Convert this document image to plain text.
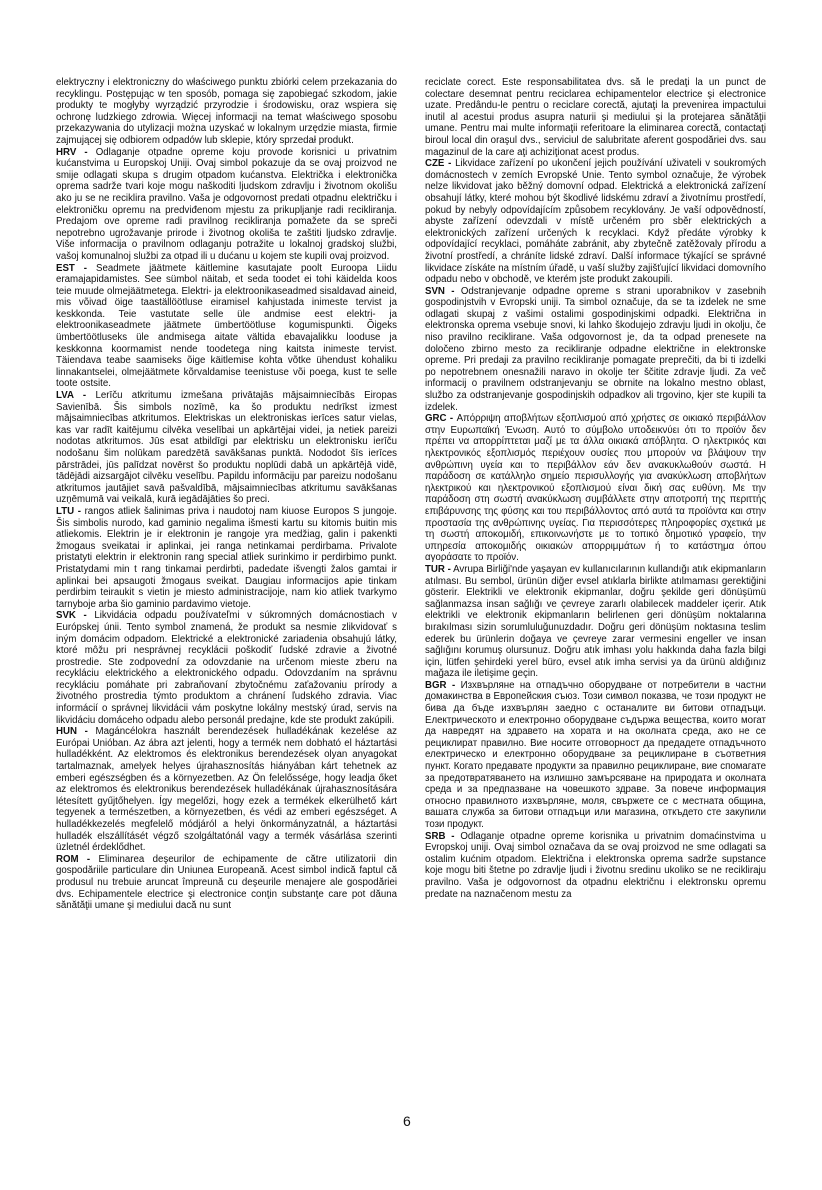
elektryczny i elektroniczny do właściwego punktu zbiórki celem przekazania do recyklingu. Postępując w ten sposób, pomaga się zapobiegać szkodom, jakie produkty te mogłyby wyrządzić przyrodzie i środowisku, oraz wspiera się ochronę ludzkiego zdrowia. Więcej informacji na temat właściwego sposobu przekazywania do utylizacji można uzyskać w lokalnym urzędzie miasta, firmie zajmującej się odbiorem odpadów lub sklepie, który sprzedał produkt.

HRV - Odlaganje otpadne opreme koju provode korisnici u privatnim kućanstvima u Europskoj Uniji. Ovaj simbol pokazuje da se ovaj proizvod ne smije odlagati skupa s drugim otpadom kućanstva. Električka i elektronička oprema sadrže tvari koje mogu naškoditi ljudskom zdravlju i životnom okolišu ako ju se ne reciklira pravilno. Vaša je odgovornost predati otpadnu električku i elektroničku opremu na predviđenom mjestu za prikupljanje radi recikliranja. Predajom ove opreme radi pravilnog recikliranja pomažete da se spreči nepotrebno ugrožavanje prirode i životnog okoliša te zaštiti ljudsko zdravlje. Više informacija o pravilnom odlaganju potražite u lokalnoj gradskoj službi, vašoj komunalnoj službi za otpad ili u dućanu u kojem ste kupili ovaj proizvod.

EST - Seadmete jäätmete käitlemine kasutajate poolt Euroopa Liidu eramajapidamistes. See sümbol näitab, et seda toodet ei tohi käidelda koos teie muude olmejäätmetega. Elektri- ja elektroonikaseadmed sisaldavad aineid, mis võivad öige taaställöötluse eiramisel kahjustada inimeste tervist ja keskkonda. Teie vastutate selle üle andmise eest elektri- ja elektroonikaseadmete jäätmete ümbertöötluse kogumispunkti. Õigeks ümbertöötluseks üle andmisega aitate vältida ebavajalikku looduse ja keskkonna koormamist nende toodetega ning kaitsta inimeste tervist. Täiendava teabe saamiseks õige käitlemise kohta võtke ühendust kohaliku linnakantselei, olmejäätmete kõrvaldamise teenistuse või poega, kust te selle toote ostsite.

LVA - Lerīču atkritumu izmešana privātajās mājsaimniecībās Eiropas Savienībā. Šis simbols nozīmē, ka šo produktu nedrīkst izmest mājsaimniecības atkritumos. Elektriskas un elektroniskas ierīces satur vielas, kas var radīt kaitējumu cilvēka veselībai un apkārtējai videi, ja netiek pareizi nodotas atkritumos. Jūs esat atbildīgi par elektrisku un elektronisku ierīču nodošanu šim nolūkam paredzētā savākšanas punktā. Nododot šīs ierīces pārstrādei, jūs palīdzat novērst šo produktu noplūdi dabā un apkārtējā vidē, tādējādi aizsargājot cilvēku veselību. Papildu informāciju par pareizu nodošanu atkritumos jautājiet savā pašvaldībā, mājsaimniecības atkritumu savākšanas uzņēmumā vai veikalā, kurā iegādājāties šo preci.

LTU - rangos atliek šalinimas priva i naudotoj nam kiuose Europos S jungoje. Šis simbolis nurodo, kad gaminio negalima išmesti kartu su kitomis buitin mis atliekomis. Elektrin je ir elektronin je rangoje yra medžiag, galin i pakenkti žmogaus sveikatai ir aplinkai, jei ranga netinkamai perdirbama. Privalote pristatyti elektrin ir elektronin rang special atliek surinkimo ir perdirbimo punkt. Pristatydami min t rang tinkamai perdirbti, padedate išvengti žalos gamtai ir aplinkai bei apsaugoti žmogaus sveikat. Daugiau informacijos apie tinkam perdirbim teiraukit s vietin je miesto administracijoje, nam kio atliek tvarkymo tarnyboje arba šio gaminio pardavimo vietoje.

SVK - Likvidácia odpadu používateľmi v súkromných domácnostiach v Európskej únii. Tento symbol znamená, že produkt sa nesmie zlikvidovať s iným domácim odpadom. Elektrické a elektronické zariadenia obsahujú látky, ktoré môžu pri nesprávnej recyklácii poškodiť ľudské zdravie a životné prostredie. Ste zodpovední za odovzdanie na určenom mieste zberu na recykláciu elektrického a elektronického odpadu. Odovzdaním na správnu recykláciu pomáhate pri zabraňovaní zbytočnému zaťažovaniu prírody a životného prostredia týmto produktom a chránení ľudského zdravia. Viac informácií o správnej likvidácii vám poskytne lokálny mestský úrad, servis na likvidáciu domáceho odpadu alebo personál predajne, kde ste produkt zakúpili.

HUN - Magáncélokra használt berendezések hulladékának kezelése az Európai Unióban. Az ábra azt jelenti, hogy a termék nem dobható el háztartási hulladékként. Az elektromos és elektronikus berendezések olyan anyagokat tartalmaznak, amelyek helyes újrahasznosítás hiányában kárt tehetnek az emberi egészségben és a környezetben. Az Ön felelőssége, hogy leadja őket az elektromos és elektronikus berendezések hulladékának újrahasznosítására létesített gyűjtőhelyen. Így megelőzi, hogy ezek a termékek elkerülhető kárt tegyenek a természetben, a környezetben, és védi az emberi egészséget. A hulladékkezelés megfelelő módjáról a helyi önkormányzatnál, a háztartási hulladék elszállításét végző szolgáltatónál vagy a termék vásárlása szerinti üzletnél érdeklődhet.

ROM - Eliminarea deşeurilor de echipamente de către utilizatorii din gospodăriile particulare din Uniunea Europeană. Acest simbol indică faptul că produsul nu trebuie aruncat împreună cu deşeurile menajere ale gospodăriei dvs. Echipamentele electrice şi electronice conţin substanţe care pot dăuna sănătăţii umane şi mediului dacă nu sunt

reciclate corect. Este responsabilitatea dvs. să le predaţi la un punct de colectare desemnat pentru reciclarea echipamentelor electrice şi electronice uzate. Predându-le pentru o reciclare corectă, ajutaţi la prevenirea impactului inutil al acestui produs asupra naturii şi mediului şi la protejarea sănătăţii umane. Pentru mai multe informaţii referitoare la eliminarea corectă, contactaţi biroul local din oraşul dvs., serviciul de salubritate aferent gospodăriei dvs. sau magazinul de la care aţi achiziţionat acest produs.

CZE - Likvidace zařízení po ukončení jejich používání uživateli v soukromých domácnostech v zemích Evropské Unie. Tento symbol označuje, že výrobek nelze likvidovat jako běžný domovní odpad. Elektrická a elektronická zařízení obsahují látky, které mohou být škodlivé lidskému zdraví a životnímu prostředí, pokud by nebyly odpovídajícím způsobem recyklovány. Je vaší odpovědností, abyste zařízení odevzdali v místě určeném pro sběr elektrických a elektronických zařízení určených k recyklaci. Když předáte výrobky k odpovídající recyklaci, pomáháte zabránit, aby zbytečně zatěžovaly přírodu a životní prostředí, a chráníte lidské zdraví. Další informace týkající se správné likvidace získáte na místním úřadě, u vaší služby zajišťující likvidaci domovního odpadu nebo v obchodě, ve kterém jste produkt zakoupili.

SVN - Odstranjevanje odpadne opreme s strani uporabnikov v zasebnih gospodinjstvih v Evropski uniji. Ta simbol označuje, da se ta izdelek ne sme odlagati skupaj z vašimi ostalimi gospodinjskimi odpadki. Električna in elektronska oprema vsebuje snovi, ki lahko škodujejo zdravju ljudi in okolju, če niso pravilno reciklirane. Vaša odgovornost je, da ta odpad prenesete na določeno zbirno mesto za recikliranje odpadne električne in elektronske opreme. Pri predaji za pravilno recikliranje pomagate preprečiti, da bi ti izdelki po nepotrebnem onesnažili naravo in okolje ter ščitite zdravje ljudi. Za več informacij o pravilnem odstranjevanju se obrnite na lokalno mestno oblast, službo za odstranjevanje gospodinjskih odpadkov ali trgovino, kjer ste kupili ta izdelek.

GRC - Απόρριψη αποβλήτων εξοπλισμού από χρήστες σε οικιακό περιβάλλον στην Ευρωπαϊκή Ένωση. Αυτό το σύμβολο υποδεικνύει ότι το προϊόν δεν πρέπει να απορρίπτεται μαζί με τα άλλα οικιακά απόβλητα. Ο ηλεκτρικός και ηλεκτρονικός εξοπλισμός περιέχουν ουσίες που μπορούν να βλάψουν την ανθρώπινη υγεία και το περιβάλλον εάν δεν ανακυκλωθούν σωστά. Η παράδοση σε κατάλληλο σημείο περισυλλογής για ανακύκλωση αποβλήτων ηλεκτρικού και ηλεκτρονικού εξοπλισμού είναι δική σας ευθύνη. Με την παράδοση στη σωστή ανακύκλωση συμβάλλετε στην αποτροπή της περιττής επιβάρυνσης της φύσης και του περιβάλλοντος από αυτά τα προϊόντα και στην προστασία της ανθρώπινης υγείας. Για περισσότερες πληροφορίες σχετικά με τη σωστή αποκομιδή, επικοινωνήστε με το τοπικό δημοτικό γραφείο, την υπηρεσία αποκομιδής οικιακών απορριμμάτων ή το κατάστημα όπου αγοράσατε το προϊόν.

TUR - Avrupa Birliği'nde yaşayan ev kullanıcılarının kullandığı atık ekipmanların atılması. Bu sembol, ürünün diğer evsel atıklarla birlikte atılmaması gerektiğini gösterir. Elektrikli ve elektronik ekipmanlar, doğru şekilde geri dönüşümü sağlanmazsa insan sağlığı ve çevreye zararlı olabilecek maddeler içerir. Atık elektrikli ve elektronik ekipmanların belirlenen geri dönüşüm noktalarına bırakılması sizin sorumluluğunuzdadır. Doğru geri dönüşüm noktasına teslim ederek bu ürünlerin doğaya ve çevreye zarar vermesini engeller ve insan sağlığını korumuş olursunuz. Doğru atık imhası yolu hakkında daha fazla bilgi için, lütfen şehirdeki yerel büro, evsel atık imha servisi ya da ürünü aldığınız mağaza ile iletişime geçin.

BGR - Изхвърляне на отпадъчно оборудване от потребители в частни домакинства в Европейския съюз. Този символ показва, че този продукт не бива да бъде изхвърлян заедно с останалите ви битови отпадъци. Електрическото и електронно оборудване съдържа вещества, които могат да навредят на здравето на хората и на околната среда, ако не се рециклират правилно. Вие носите отговорност да предадете отпадъчното електрическо и електронно оборудване за рециклиране в съответния пункт. Когато предавате продукти за правилно рециклиране, вие спомагате за предотвратяването на излишно замърсяване на природата и околната среда и за предпазване на човешкото здраве. За повече информация относно правилното изхвърляне, моля, свържете се с местната община, вашата служба за битови отпадъци или магазина, откъдето сте закупили този продукт.

SRB - Odlaganje otpadne opreme korisnika u privatnim domaćinstvima u Evropskoj uniji. Ovaj simbol označava da se ovaj proizvod ne sme odlagati sa ostalim kućnim otpadom. Električna i elektronska oprema sadrže supstance koje mogu biti štetne po zdravlje ljudi i životnu sredinu ukoliko se ne recikliraju pravilno. Vaša je odgovornost da otpadnu električnu i elektronsku opremu predate na naznačenom mestu za

6
